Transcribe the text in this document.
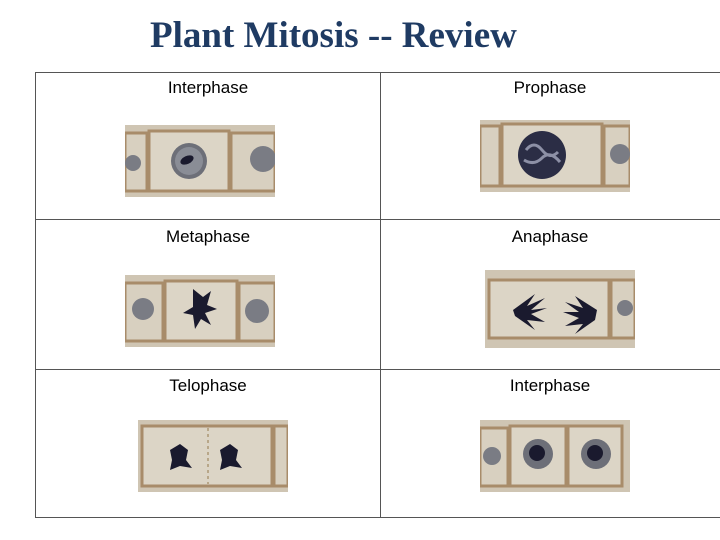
Plant Mitosis -- Review
Interphase	Prophase
Metaphase	Anaphase
Telophase	Interphase
